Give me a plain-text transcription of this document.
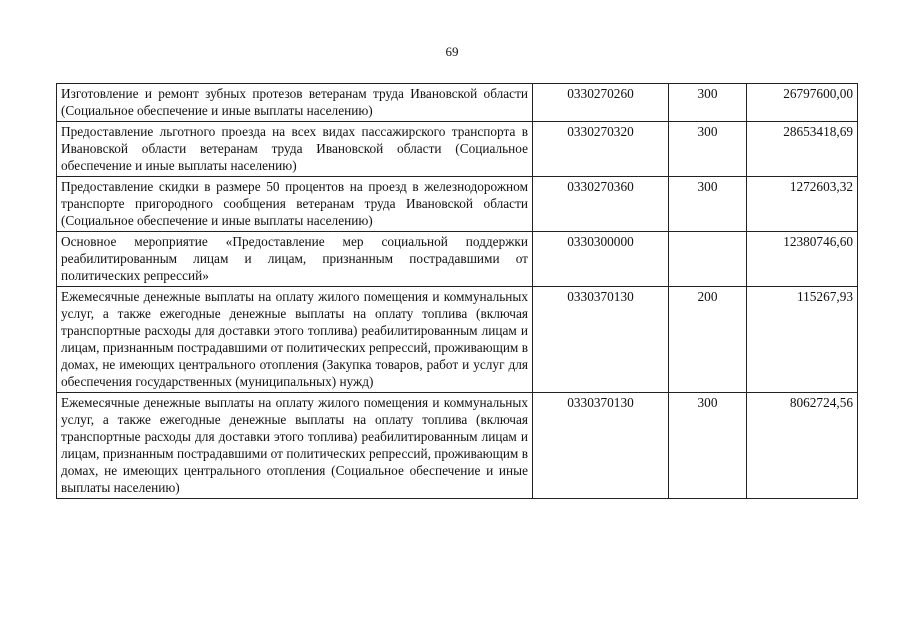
69
Изготовление и ремонт зубных протезов ветеранам труда Ивановской области (Социальное обеспечение и иные выплаты населению)	0330270260	300	26797600,00
Предоставление льготного проезда на всех видах пассажирского транспорта в Ивановской области ветеранам труда Ивановской области (Социальное обеспечение и иные выплаты населению)	0330270320	300	28653418,69
Предоставление скидки в размере 50 процентов на проезд в железнодорожном транспорте пригородного сообщения ветеранам труда Ивановской области (Социальное обеспечение и иные выплаты населению)	0330270360	300	1272603,32
Основное мероприятие «Предоставление мер социальной поддержки реабилитированным лицам и лицам, признанным пострадавшими от политических репрессий»	0330300000		12380746,60
Ежемесячные денежные выплаты на оплату жилого помещения и коммунальных услуг, а также ежегодные денежные выплаты на оплату топлива (включая транспортные расходы для доставки этого топлива) реабилитированным лицам и лицам, признанным пострадавшими от политических репрессий, проживающим в домах, не имеющих центрального отопления (Закупка товаров, работ и услуг для обеспечения государственных (муниципальных) нужд)	0330370130	200	115267,93
Ежемесячные денежные выплаты на оплату жилого помещения и коммунальных услуг, а также ежегодные денежные выплаты на оплату топлива (включая транспортные расходы для доставки этого топлива) реабилитированным лицам и лицам, признанным пострадавшими от политических репрессий, проживающим в домах, не имеющих центрального отопления (Социальное обеспечение и иные выплаты населению)	0330370130	300	8062724,56
